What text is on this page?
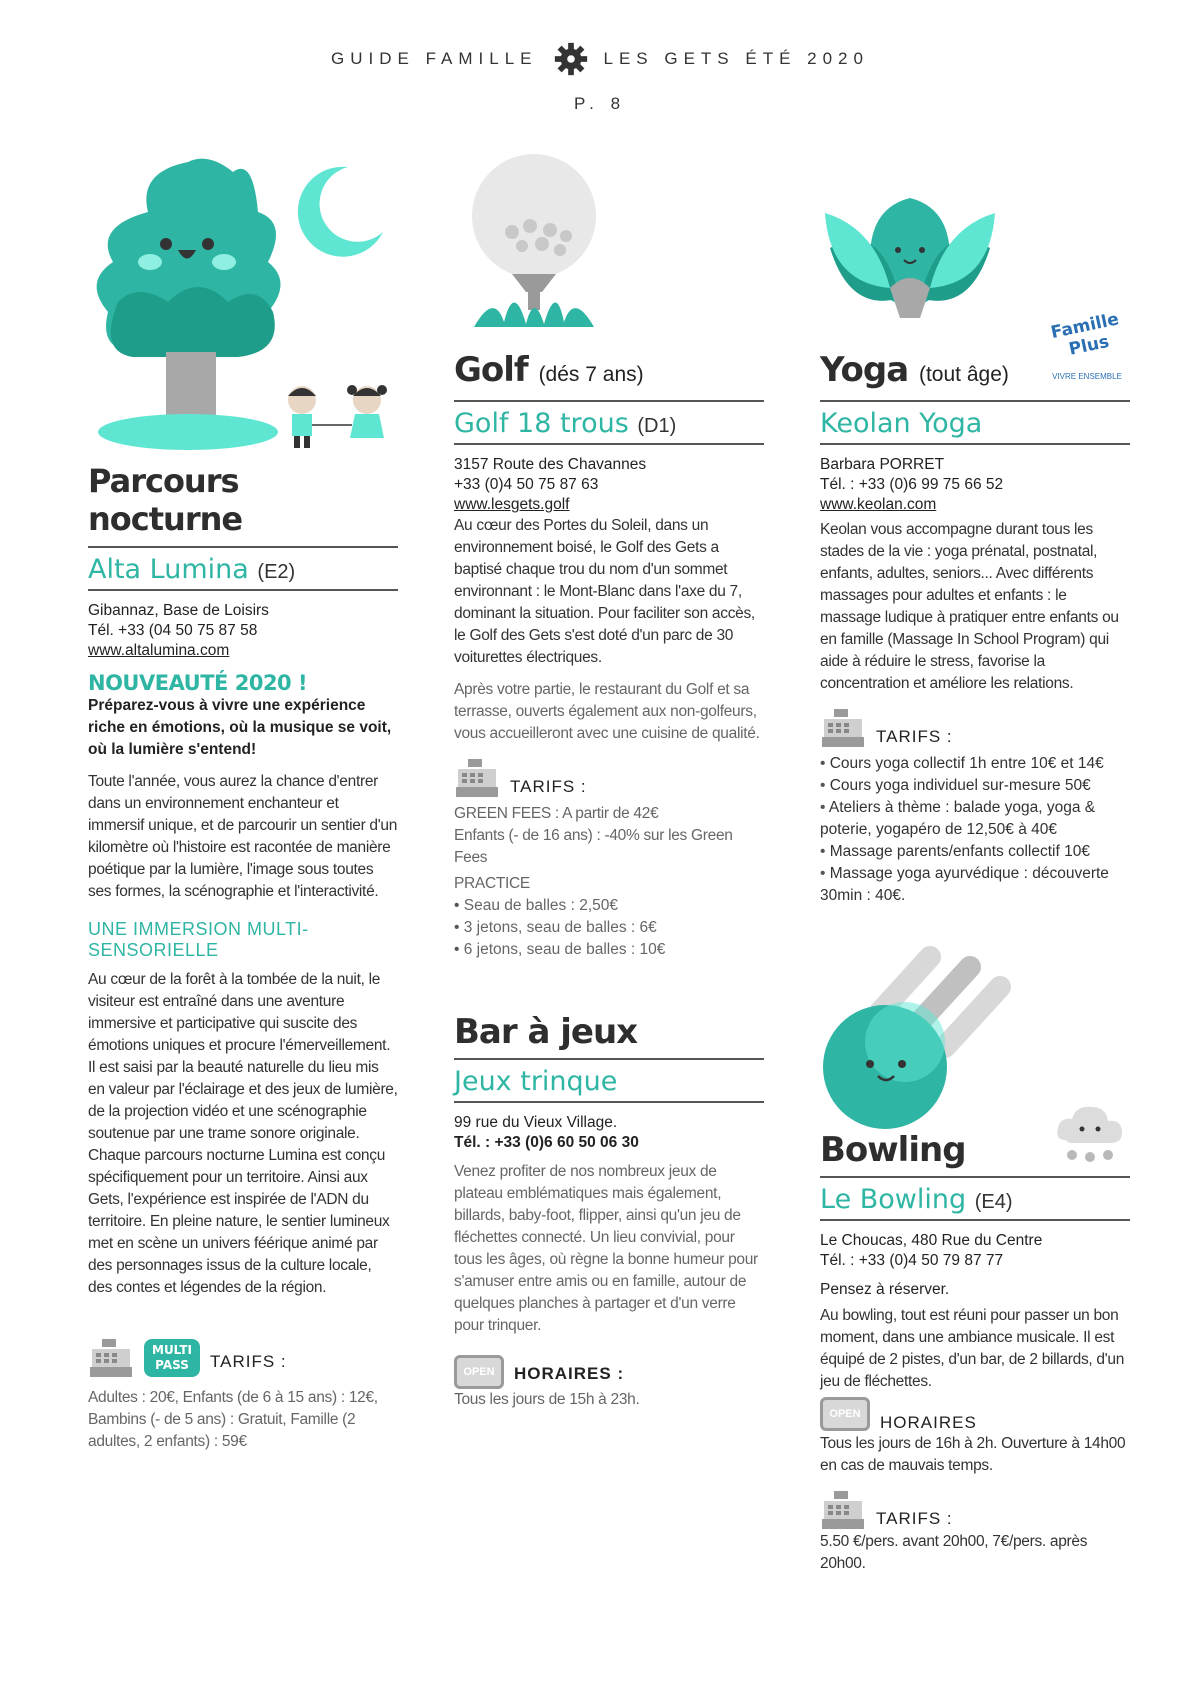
GUIDE FAMILLE	LES GETS ÉTÉ 2020
P. 8
Parcours nocturne
Alta Lumina (E2)
Gibannaz, Base de Loisirs
Tél. +33 (04 50 75 87 58
www.altalumina.com
NOUVEAUTÉ 2020 !
Préparez-vous à vivre une expérience riche en émotions, où la musique se voit, où la lumière s'entend!
Toute l'année, vous aurez la chance d'entrer dans un environnement enchanteur et immersif unique, et de parcourir un sentier d'un kilomètre où l'histoire est racontée de manière poétique par la lumière, l'image sous toutes ses formes, la scénographie et l'interactivité.
UNE IMMERSION MULTI-SENSORIELLE
Au cœur de la forêt à la tombée de la nuit, le visiteur est entraîné dans une aventure immersive et participative qui suscite des émotions uniques et procure l'émerveillement. Il est saisi par la beauté naturelle du lieu mis en valeur par l'éclairage et des jeux de lumière, de la projection vidéo et une scénographie soutenue par une trame sonore originale. Chaque parcours nocturne Lumina est conçu spécifiquement pour un territoire. Ainsi aux Gets, l'expérience est inspirée de l'ADN du territoire. En pleine nature, le sentier lumineux met en scène un univers féérique animé par des personnages issus de la culture locale, des contes et légendes de la région.
MULTI PASS	TARIFS :
Adultes : 20€, Enfants (de 6 à 15 ans) : 12€, Bambins (- de 5 ans) : Gratuit, Famille (2 adultes, 2 enfants) : 59€
Golf (dés 7 ans)
Golf 18 trous (D1)
3157 Route des Chavannes
+33 (0)4 50 75 87 63
www.lesgets.golf
Au cœur des Portes du Soleil, dans un environnement boisé, le Golf des Gets a baptisé chaque trou du nom d'un sommet environnant : le Mont-Blanc dans l'axe du 7, dominant la situation. Pour faciliter son accès, le Golf des Gets s'est doté d'un parc de 30 voiturettes électriques.
Après votre partie, le restaurant du Golf et sa terrasse, ouverts également aux non-golfeurs, vous accueilleront avec une cuisine de qualité.
TARIFS :
GREEN FEES : A partir de 42€
Enfants (- de 16 ans) : -40% sur les Green Fees
PRACTICE
• Seau de balles : 2,50€
• 3 jetons, seau de balles : 6€
• 6 jetons, seau de balles : 10€
Bar à jeux
Jeux trinque
99 rue du Vieux Village.
Tél. : +33 (0)6 60 50 06 30
Venez profiter de nos nombreux jeux de plateau emblématiques mais également, billards, baby-foot, flipper, ainsi qu'un jeu de fléchettes connecté. Un lieu convivial, pour tous les âges, où règne la bonne humeur pour s'amuser entre amis ou en famille, autour de quelques planches à partager et d'un verre pour trinquer.
OPEN	HORAIRES :
Tous les jours de 15h à 23h.
Famille Plus
VIVRE ENSEMBLE
Yoga (tout âge)
Keolan Yoga
Barbara PORRET
Tél. : +33 (0)6 99 75 66 52
www.keolan.com
Keolan vous accompagne durant tous les stades de la vie : yoga prénatal, postnatal, enfants, adultes, seniors... Avec différents massages pour adultes et enfants : le massage ludique à pratiquer entre enfants ou en famille (Massage In School Program) qui aide à réduire le stress, favorise la concentration et améliore les relations.
TARIFS :
• Cours yoga collectif 1h entre 10€ et 14€
• Cours yoga individuel sur-mesure 50€
• Ateliers à thème : balade yoga, yoga & poterie, yogapéro de 12,50€ à 40€
• Massage parents/enfants collectif 10€
• Massage yoga ayurvédique : découverte 30min : 40€.
Bowling
Le Bowling (E4)
Le Choucas, 480 Rue du Centre
Tél. : +33 (0)4 50 79 87 77
Pensez à réserver.
Au bowling, tout est réuni pour passer un bon moment, dans une ambiance musicale. Il est équipé de 2 pistes, d'un bar, de 2 billards, d'un jeu de fléchettes.
OPEN	HORAIRES
Tous les jours de 16h à 2h. Ouverture à 14h00 en cas de mauvais temps.
TARIFS :
5.50 €/pers. avant 20h00, 7€/pers. après 20h00.
